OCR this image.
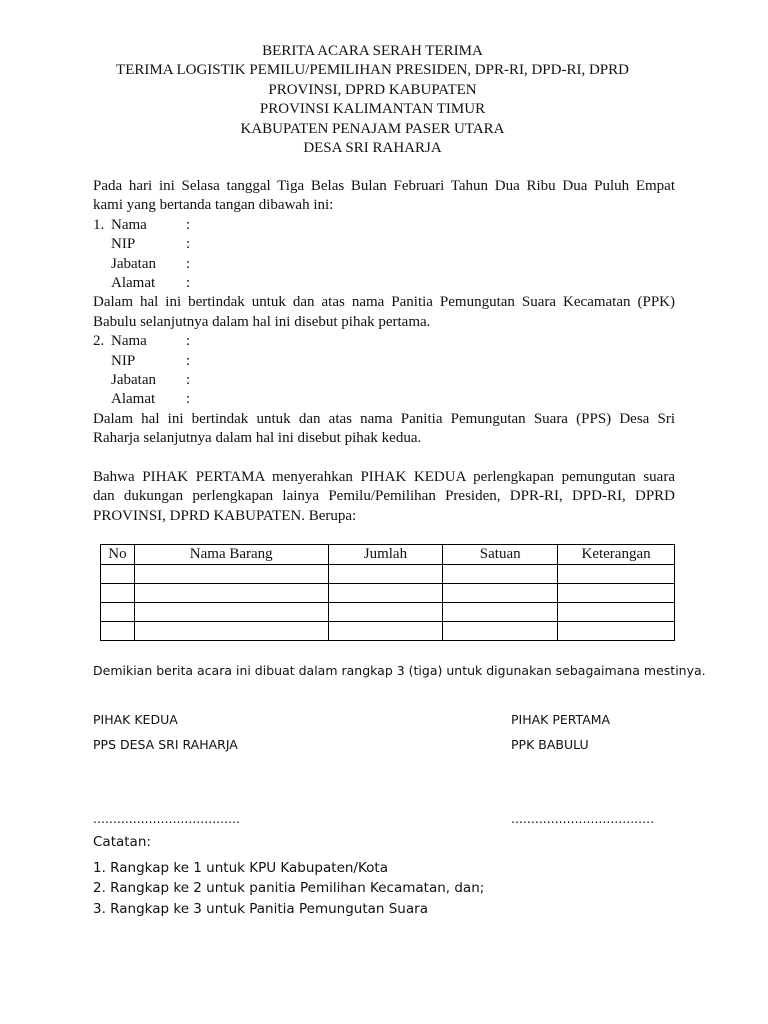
BERITA ACARA SERAH TERIMA
TERIMA LOGISTIK PEMILU/PEMILIHAN PRESIDEN, DPR-RI, DPD-RI, DPRD
PROVINSI, DPRD KABUPATEN
PROVINSI KALIMANTAN TIMUR
KABUPATEN PENAJAM PASER UTARA
DESA SRI RAHARJA
Pada hari ini Selasa tanggal Tiga Belas Bulan Februari Tahun Dua Ribu Dua Puluh Empat
kami yang bertanda tangan dibawah ini:
1. Nama	:
NIP	:
Jabatan	:
Alamat	:
Dalam hal ini bertindak untuk dan atas nama Panitia Pemungutan Suara Kecamatan (PPK)
Babulu selanjutnya dalam hal ini disebut pihak pertama.
2. Nama	:
NIP	:
Jabatan	:
Alamat	:
Dalam hal ini bertindak untuk dan atas nama Panitia Pemungutan Suara (PPS) Desa Sri
Raharja selanjutnya dalam hal ini disebut pihak kedua.
Bahwa PIHAK PERTAMA menyerahkan PIHAK KEDUA perlengkapan pemungutan suara
dan dukungan perlengkapan lainya Pemilu/Pemilihan Presiden, DPR-RI, DPD-RI, DPRD
PROVINSI, DPRD KABUPATEN. Berupa:
No	Nama Barang	Jumlah	Satuan	Keterangan

Demikian berita acara ini dibuat dalam rangkap 3 (tiga) untuk digunakan sebagaimana mestinya.
PIHAK KEDUA
PPS DESA SRI RAHARJA
.....................................
PIHAK PERTAMA
PPK BABULU
....................................
Catatan:
1. Rangkap ke 1 untuk KPU Kabupaten/Kota
2. Rangkap ke 2 untuk panitia Pemilihan Kecamatan, dan;
3. Rangkap ke 3 untuk Panitia Pemungutan Suara
